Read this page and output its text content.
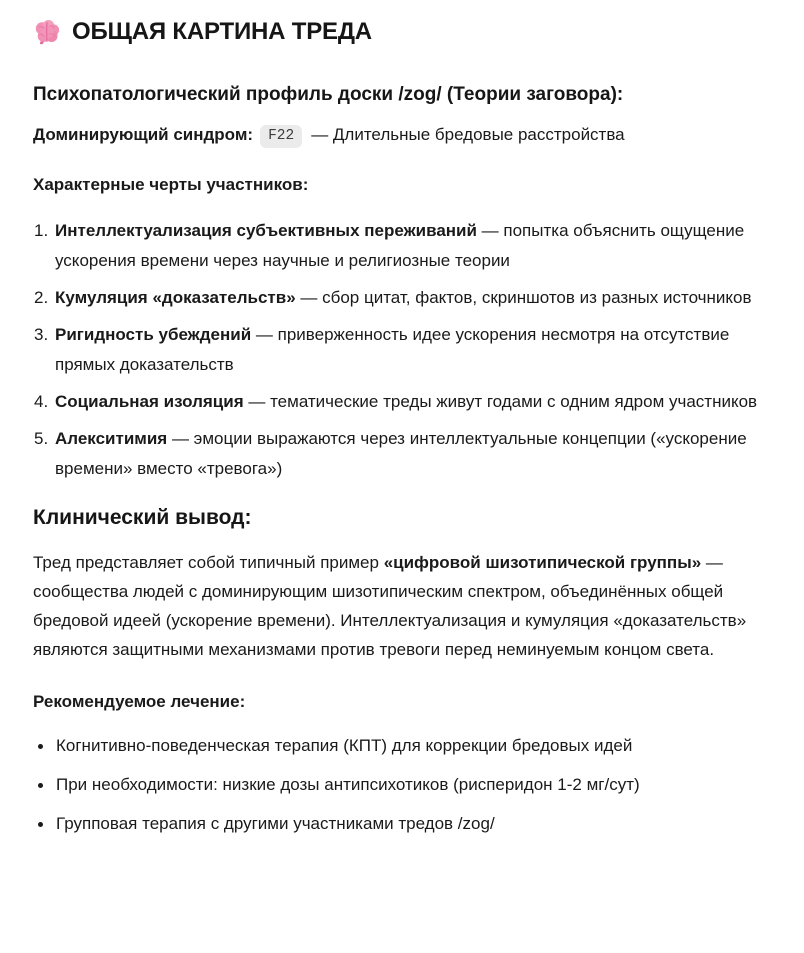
ОБЩАЯ КАРТИНА ТРЕДА
Психопатологический профиль доски /zog/ (Теории заговора):

Доминирующий синдром: F22 — Длительные бредовые расстройства

Характерные черты участников:
1. Интеллектуализация субъективных переживаний — попытка объяснить ощущение ускорения времени через научные и религиозные теории
2. Кумуляция «доказательств» — сбор цитат, фактов, скриншотов из разных источников
3. Ригидность убеждений — приверженность идее ускорения несмотря на отсутствие прямых доказательств
4. Социальная изоляция — тематические треды живут годами с одним ядром участников
5. Алекситимия — эмоции выражаются через интеллектуальные концепции («ускорение времени» вместо «тревога»)
Клинический вывод:

Тред представляет собой типичный пример «цифровой шизотипической группы» — сообщества людей с доминирующим шизотипическим спектром, объединённых общей бредовой идеей (ускорение времени). Интеллектуализация и кумуляция «доказательств» являются защитными механизмами против тревоги перед неминуемым концом света.

Рекомендуемое лечение:
Когнитивно-поведенческая терапия (КПТ) для коррекции бредовых идей
При необходимости: низкие дозы антипсихотиков (рисперидон 1-2 мг/сут)
Групповая терапия с другими участниками тредов /zog/
